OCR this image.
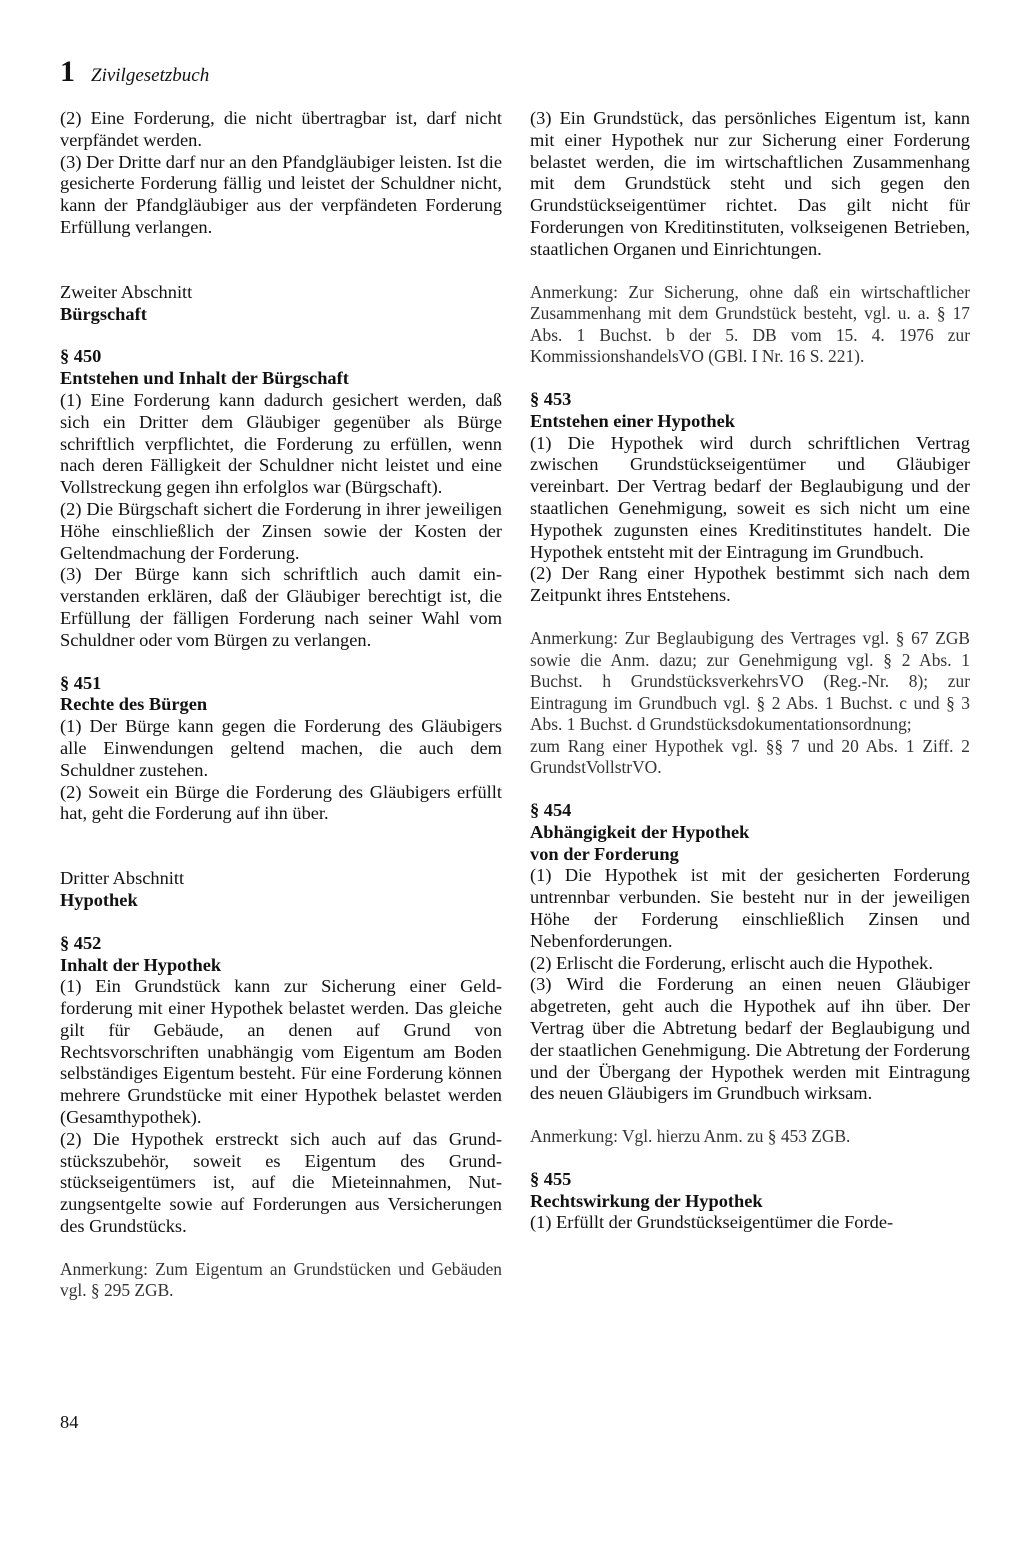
1 Zivilgesetzbuch

(2) Eine Forderung, die nicht übertragbar ist, darf nicht verpfändet werden.

(3) Der Dritte darf nur an den Pfandgläubiger leisten. Ist die gesicherte Forderung fällig und leistet der Schuldner nicht, kann der Pfandgläubiger aus der verpfändeten Forderung Erfüllung verlangen.

Zweiter Abschnitt

Bürgschaft

§ 450

Entstehen und Inhalt der Bürgschaft

(1) Eine Forderung kann dadurch gesichert werden, daß sich ein Dritter dem Gläubiger gegenüber als Bürge schriftlich verpflichtet, die Forderung zu erfüllen, wenn nach deren Fälligkeit der Schuldner nicht leistet und eine Vollstreckung gegen ihn erfolglos war (Bürgschaft).

(2) Die Bürgschaft sichert die Forderung in ihrer jeweiligen Höhe einschließlich der Zinsen sowie der Kosten der Geltendmachung der Forderung.

(3) Der Bürge kann sich schriftlich auch damit einverstanden erklären, daß der Gläubiger berechtigt ist, die Erfüllung der fälligen Forderung nach seiner Wahl vom Schuldner oder vom Bürgen zu verlangen.

§ 451

Rechte des Bürgen

(1) Der Bürge kann gegen die Forderung des Gläubigers alle Einwendungen geltend machen, die auch dem Schuldner zustehen.

(2) Soweit ein Bürge die Forderung des Gläubigers erfüllt hat, geht die Forderung auf ihn über.

Dritter Abschnitt

Hypothek

§ 452

Inhalt der Hypothek

(1) Ein Grundstück kann zur Sicherung einer Geldforderung mit einer Hypothek belastet werden. Das gleiche gilt für Gebäude, an denen auf Grund von Rechtsvorschriften unabhängig vom Eigentum am Boden selbständiges Eigentum besteht. Für eine Forderung können mehrere Grundstücke mit einer Hypothek belastet werden (Gesamthypothek).

(2) Die Hypothek erstreckt sich auch auf das Grundstückszubehör, soweit es Eigentum des Grundstückseigentümers ist, auf die Mieteinnahmen, Nutzungsentgelte sowie auf Forderungen aus Versicherungen des Grundstücks.

Anmerkung: Zum Eigentum an Grundstücken und Gebäuden vgl. § 295 ZGB.

(3) Ein Grundstück, das persönliches Eigentum ist, kann mit einer Hypothek nur zur Sicherung einer Forderung belastet werden, die im wirtschaftlichen Zusammenhang mit dem Grundstück steht und sich gegen den Grundstückseigentümer richtet. Das gilt nicht für Forderungen von Kreditinstituten, volkseigenen Betrieben, staatlichen Organen und Einrichtungen.

Anmerkung: Zur Sicherung, ohne daß ein wirtschaftlicher Zusammenhang mit dem Grundstück besteht, vgl. u. a. § 17 Abs. 1 Buchst. b der 5. DB vom 15. 4. 1976 zur KommissionshandelsVO (GBl. I Nr. 16 S. 221).

§ 453

Entstehen einer Hypothek

(1) Die Hypothek wird durch schriftlichen Vertrag zwischen Grundstückseigentümer und Gläubiger vereinbart. Der Vertrag bedarf der Beglaubigung und der staatlichen Genehmigung, soweit es sich nicht um eine Hypothek zugunsten eines Kreditinstitutes handelt. Die Hypothek entsteht mit der Eintragung im Grundbuch.

(2) Der Rang einer Hypothek bestimmt sich nach dem Zeitpunkt ihres Entstehens.

Anmerkung: Zur Beglaubigung des Vertrages vgl. § 67 ZGB sowie die Anm. dazu; zur Genehmigung vgl. § 2 Abs. 1 Buchst. h GrundstücksverkehrsVO (Reg.-Nr. 8); zur Eintragung im Grundbuch vgl. § 2 Abs. 1 Buchst. c und § 3 Abs. 1 Buchst. d Grundstücksdokumentationsordnung;

zum Rang einer Hypothek vgl. §§ 7 und 20 Abs. 1 Ziff. 2 GrundstVollstrVO.

§ 454

Abhängigkeit der Hypothek

von der Forderung

(1) Die Hypothek ist mit der gesicherten Forderung untrennbar verbunden. Sie besteht nur in der jeweiligen Höhe der Forderung einschließlich Zinsen und Nebenforderungen.

(2) Erlischt die Forderung, erlischt auch die Hypothek.

(3) Wird die Forderung an einen neuen Gläubiger abgetreten, geht auch die Hypothek auf ihn über. Der Vertrag über die Abtretung bedarf der Beglaubigung und der staatlichen Genehmigung. Die Abtretung der Forderung und der Übergang der Hypothek werden mit Eintragung des neuen Gläubigers im Grundbuch wirksam.

Anmerkung: Vgl. hierzu Anm. zu § 453 ZGB.

§ 455

Rechtswirkung der Hypothek

(1) Erfüllt der Grundstückseigentümer die Forde-

84
